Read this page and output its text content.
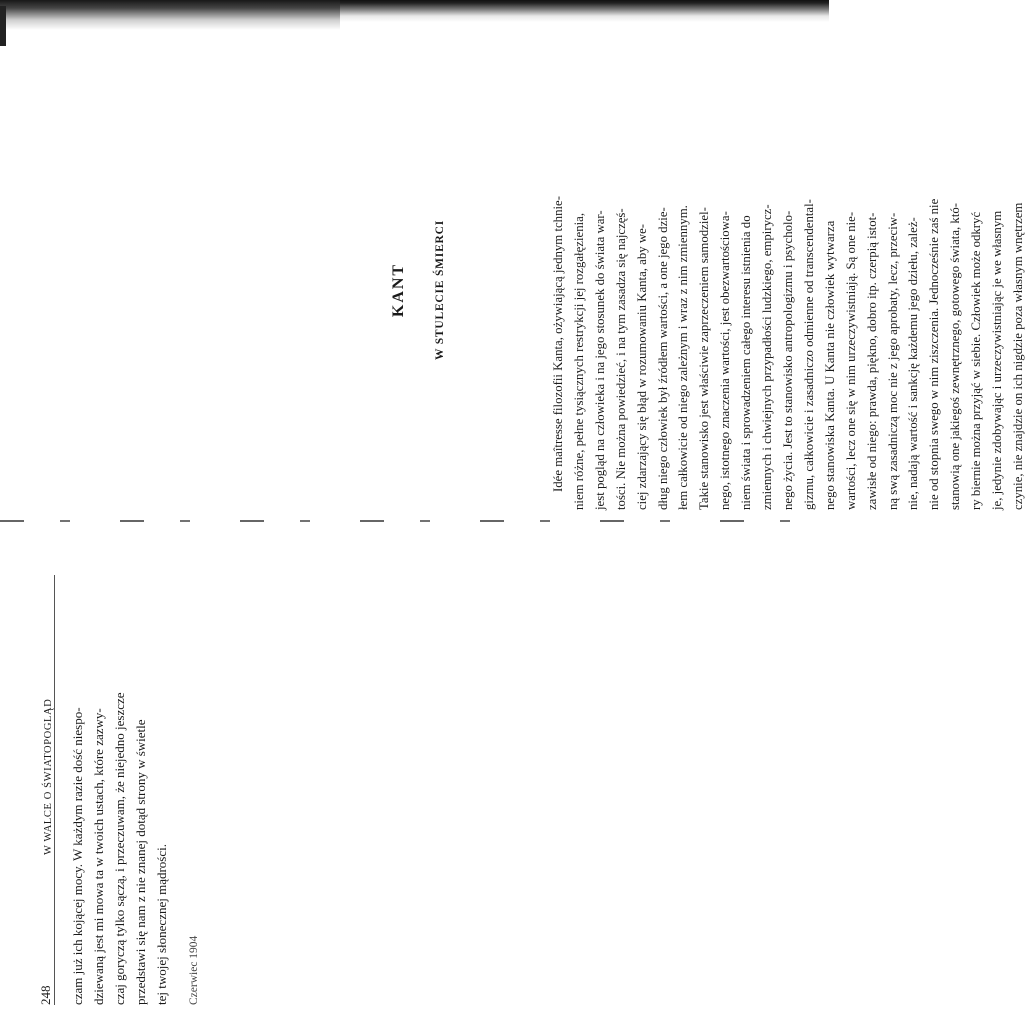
248
W WALCE O ŚWIATOPOGLĄD czam już ich kojącej mocy. W każdym razie dość niespo- dziewaną jest mi mowa ta w twoich ustach, które zazwy- czaj goryczą tylko sączą, i przeczuwam, że niejedno jeszcze przedstawi się nam z nie znanej dotąd strony w świetle tej twojej słonecznej mądrości. Czerwiec 1904
KANT	W STULECIE ŚMIERCI	Idée maîtresse filozofii Kanta, ożywiającą jednym tchnie- niem różne, pełne tysiącznych restrykcji jej rozgałęzienia, jest pogląd na człowieka i na jego stosunek do świata war- tości. Nie można powiedzieć, i na tym zasadza się najczęś- ciej zdarzający się błąd w rozumowaniu Kanta, aby we- dług niego człowiek był źródłem wartości, a one jego dzie- łem całkowicie od niego zależnym i wraz z nim zmiennym. Takie stanowisko jest właściwie zaprzeczeniem samodziel- nego, istotnego znaczenia wartości, jest obezwartościowa- niem świata i sprowadzeniem całego interesu istnienia do zmiennych i chwiejnych przypadłości ludzkiego, empirycz- nego życia. Jest to stanowisko antropologizmu i psycholo- gizmu, całkowicie i zasadniczo odmienne od transcendental- nego stanowiska Kanta. U Kanta nie człowiek wytwarza wartości, lecz one się w nim urzeczywistniają. Są one nie- zawisłe od niego: prawda, piękno, dobro itp. czerpią istot- ną swą zasadniczą moc nie z jego aprobaty, lecz, przeciw- nie, nadają wartość i sankcję każdemu jego dziełu, zależ- nie od stopnia swego w nim ziszczenia. Jednocześnie zaś nie stanowią one jakiegoś zewnętrznego, gotowego świata, któ- ry biernie można przyjąć w siebie. Człowiek może odkryć je, jedynie zdobywając i urzeczywistniając je we własnym czynie, nie znajdzie on ich nigdzie poza własnym wnętrzem
